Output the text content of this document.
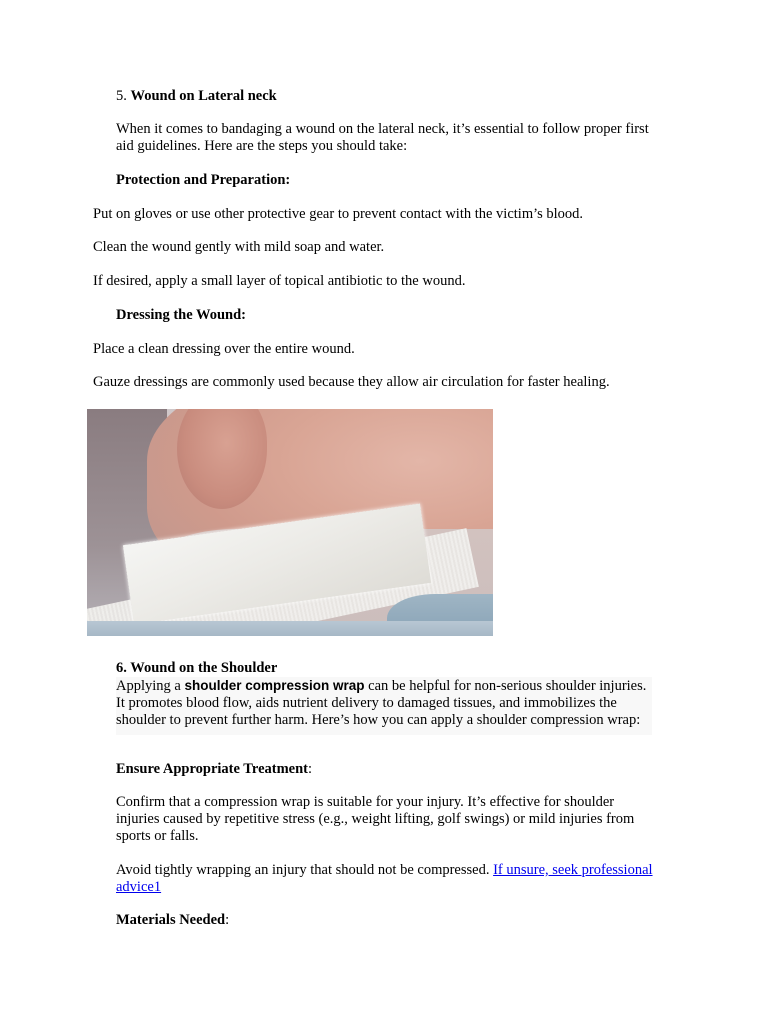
5. Wound on Lateral neck

When it comes to bandaging a wound on the lateral neck, it’s essential to follow proper first aid guidelines. Here are the steps you should take:

Protection and Preparation:

Put on gloves or use other protective gear to prevent contact with the victim’s blood.

Clean the wound gently with mild soap and water.

If desired, apply a small layer of topical antibiotic to the wound.

Dressing the Wound:

Place a clean dressing over the entire wound.

Gauze dressings are commonly used because they allow air circulation for faster healing.

6. Wound on the Shoulder

Applying a shoulder compression wrap can be helpful for non-serious shoulder injuries. It promotes blood flow, aids nutrient delivery to damaged tissues, and immobilizes the shoulder to prevent further harm. Here’s how you can apply a shoulder compression wrap:

Ensure Appropriate Treatment:

Confirm that a compression wrap is suitable for your injury. It’s effective for shoulder injuries caused by repetitive stress (e.g., weight lifting, golf swings) or mild injuries from sports or falls.

Avoid tightly wrapping an injury that should not be compressed. If unsure, seek professional advice1

Materials Needed:
